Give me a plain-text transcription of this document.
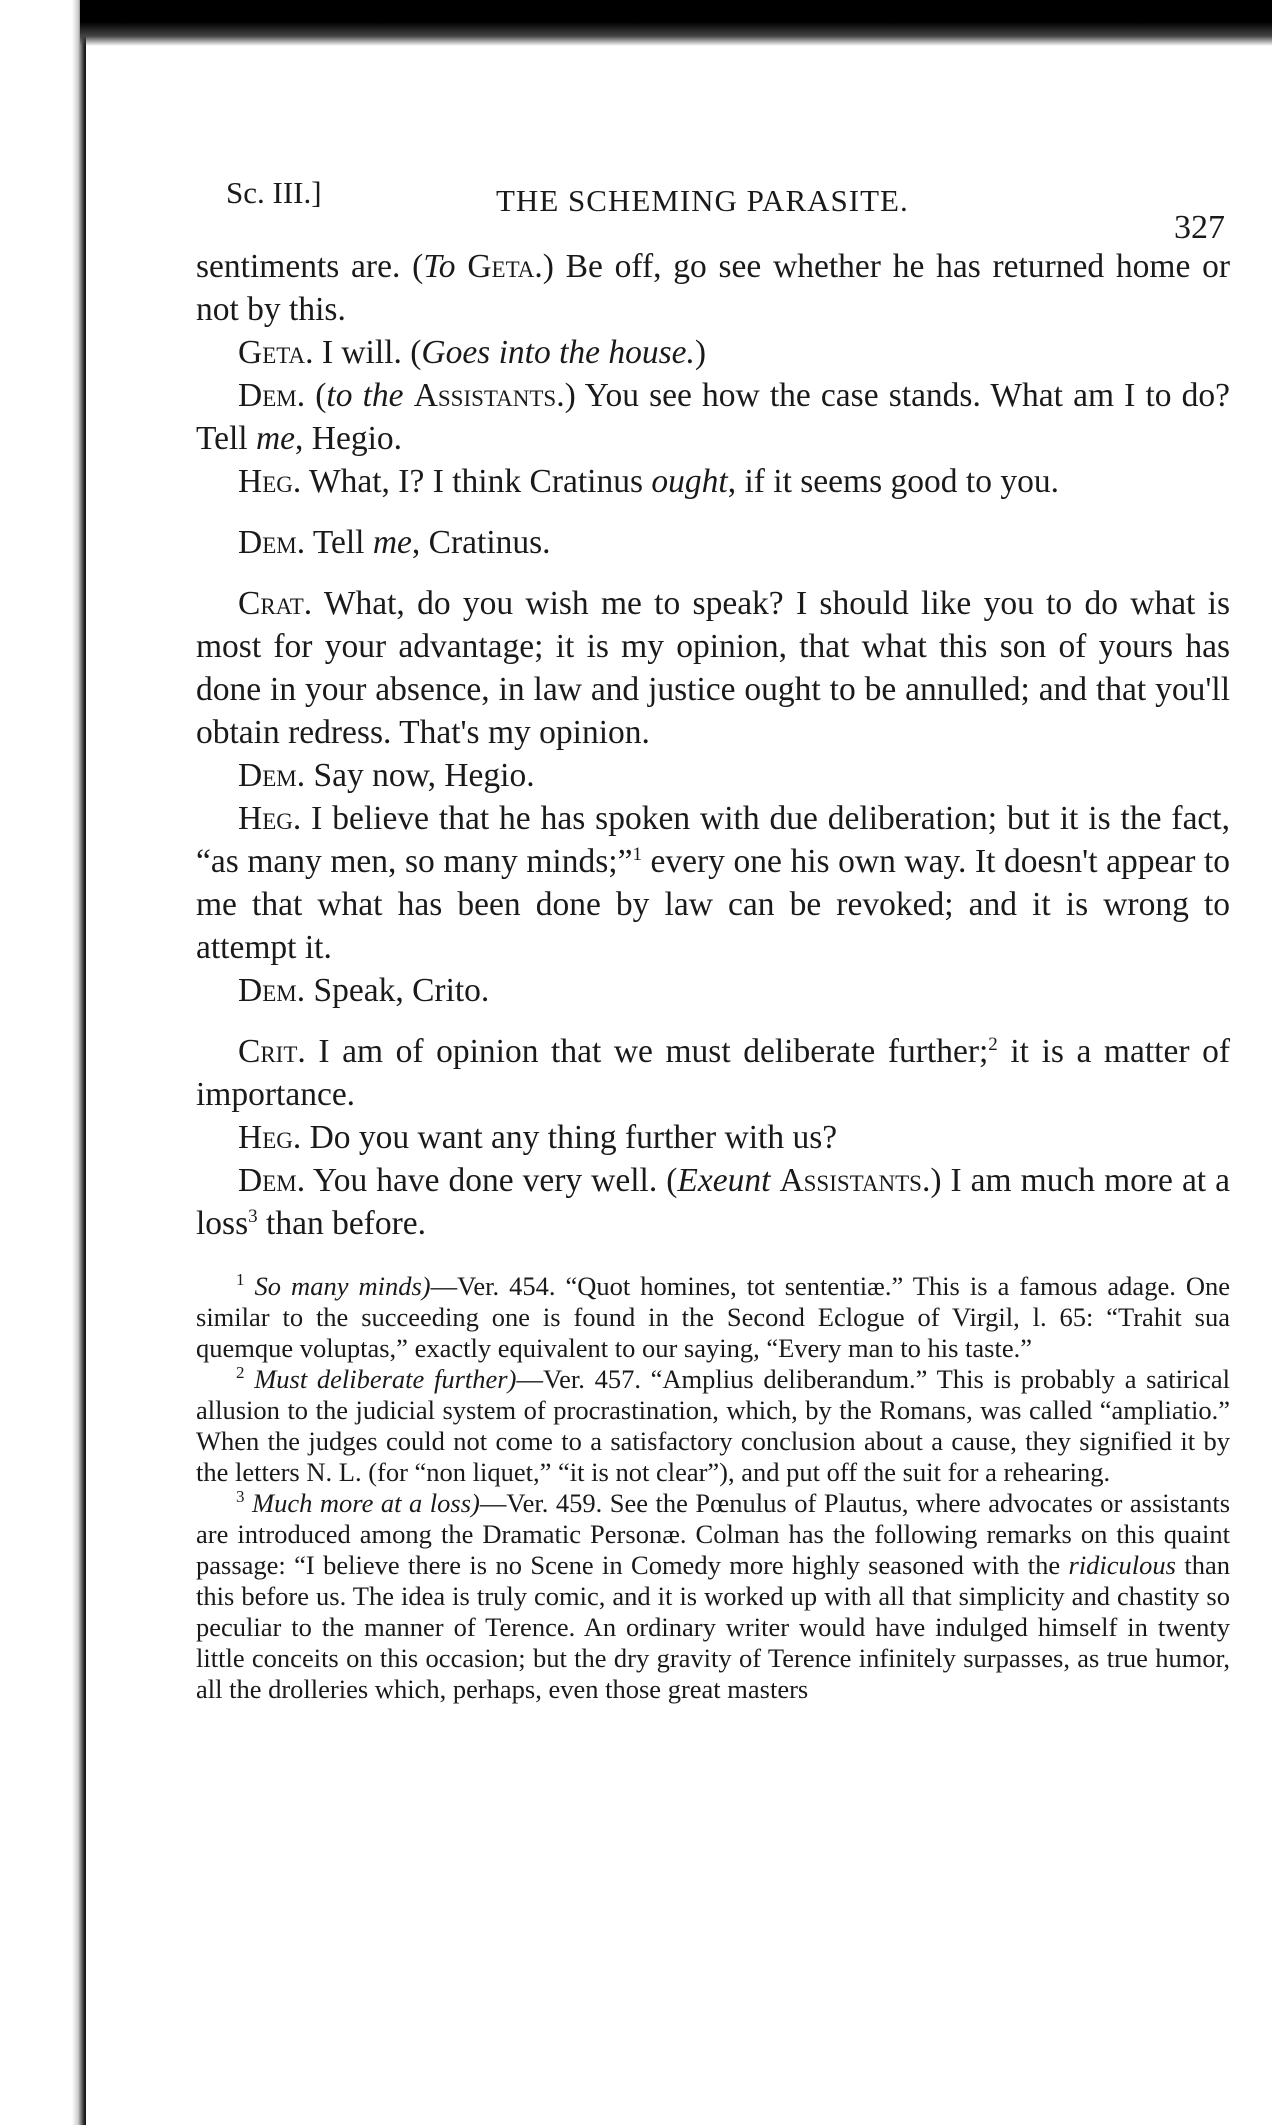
Sc. III.]	THE SCHEMING PARASITE.
327

sentiments are. (To Geta.) Be off, go see whether he has returned home or not by this.

Geta. I will. (Goes into the house.)

Dem. (to the Assistants.) You see how the case stands. What am I to do? Tell me, Hegio.

Heg. What, I? I think Cratinus ought, if it seems good to you.

Dem. Tell me, Cratinus.

Crat. What, do you wish me to speak? I should like you to do what is most for your advantage; it is my opinion, that what this son of yours has done in your absence, in law and justice ought to be annulled; and that you'll obtain redress. That's my opinion.

Dem. Say now, Hegio.

Heg. I believe that he has spoken with due deliberation; but it is the fact, “as many men, so many minds;”$^1$ every one his own way. It doesn't appear to me that what has been done by law can be revoked; and it is wrong to attempt it.

Dem. Speak, Crito.

Crit. I am of opinion that we must deliberate further;$^2$ it is a matter of importance.

Heg. Do you want any thing further with us?

Dem. You have done very well. (Exeunt Assistants.) I am much more at a loss$^3$ than before.

$^1$ So many minds)—Ver. 454. “Quot homines, tot sententiæ.” This is a famous adage. One similar to the succeeding one is found in the Second Eclogue of Virgil, l. 65: “Trahit sua quemque voluptas,” exactly equivalent to our saying, “Every man to his taste.”

$^2$ Must deliberate further)—Ver. 457. “Amplius deliberandum.” This is probably a satirical allusion to the judicial system of procrastination, which, by the Romans, was called “ampliatio.” When the judges could not come to a satisfactory conclusion about a cause, they signified it by the letters N. L. (for “non liquet,” “it is not clear”), and put off the suit for a rehearing.

$^3$ Much more at a loss)—Ver. 459. See the Pœnulus of Plautus, where advocates or assistants are introduced among the Dramatic Personæ. Colman has the following remarks on this quaint passage: “I believe there is no Scene in Comedy more highly seasoned with the ridiculous than this before us. The idea is truly comic, and it is worked up with all that simplicity and chastity so peculiar to the manner of Terence. An ordinary writer would have indulged himself in twenty little conceits on this occasion; but the dry gravity of Terence infinitely surpasses, as true humor, all the drolleries which, perhaps, even those great masters
